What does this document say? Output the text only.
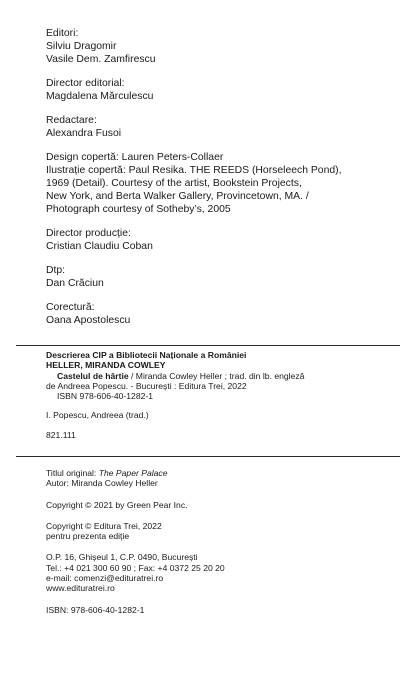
Editori:
Silviu Dragomir
Vasile Dem. Zamfirescu
Director editorial:
Magdalena Mărculescu
Redactare:
Alexandra Fusoi
Design copertă: Lauren Peters-Collaer
Ilustrație copertă: Paul Resika. THE REEDS (Horseleech Pond),
1969 (Detail). Courtesy of the artist, Bookstein Projects,
New York, and Berta Walker Gallery, Provincetown, MA. /
Photograph courtesy of Sotheby’s, 2005
Director producție:
Cristian Claudiu Coban
Dtp:
Dan Crăciun
Corectură:
Oana Apostolescu
Descrierea CIP a Bibliotecii Naționale a României
HELLER, MIRANDA COWLEY
Castelul de hârtie / Miranda Cowley Heller ; trad. din lb. engleză
de Andreea Popescu. - București : Editura Trei, 2022
ISBN 978-606-40-1282-1
I. Popescu, Andreea (trad.)
821.111
Titlul original: The Paper Palace
Autor: Miranda Cowley Heller
Copyright © 2021 by Green Pear Inc.
Copyright © Editura Trei, 2022
pentru prezenta ediție
O.P. 16, Ghișeul 1, C.P. 0490, București
Tel.: +4 021 300 60 90 ; Fax: +4 0372 25 20 20
e-mail: comenzi@edituratrei.ro
www.edituratrei.ro
ISBN: 978-606-40-1282-1
